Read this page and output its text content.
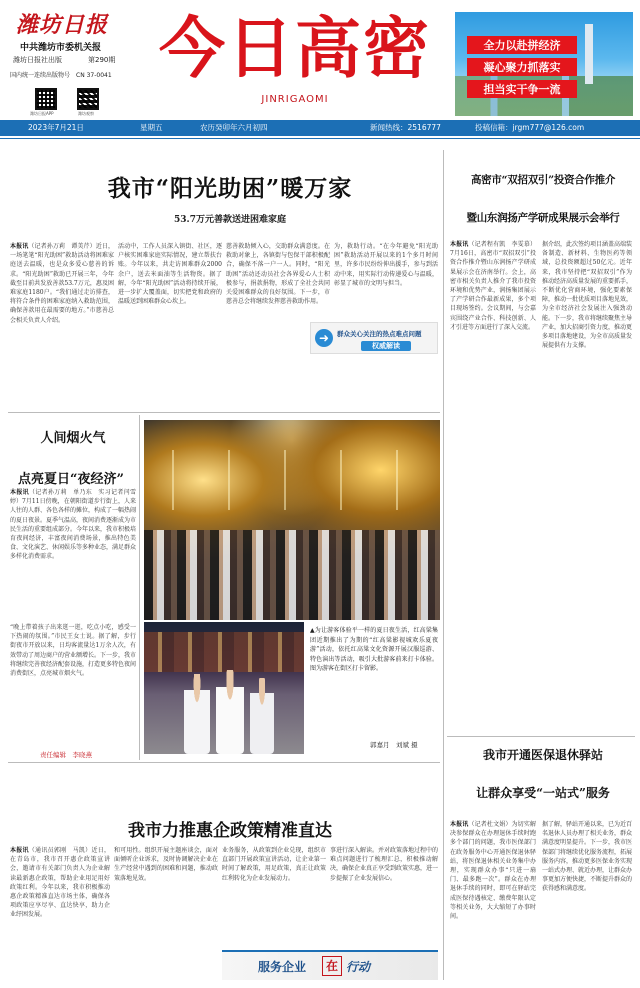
潍坊日报
中共潍坊市委机关报
潍坊日报社出版	第290期
国内统一连续出版物号　CN 37-0041
潍坊日报APP	潍坊观察
今日高密
JINRIGAOMI
全力以赴拼经济
凝心聚力抓落实
担当实干争一流
2023年7月21日	星期五	农历癸卯年六月初四	新闻热线：2516777	投稿信箱：jrgm777@126.com
我市“阳光助困”暖万家
53.7万元善款送进困难家庭

本报讯（记者孙万莉　谭美芹）近日，一场笔笔“阳光助困”救助活动将困难家庭送去温暖，也是众多爱心慈善的诉求。“阳光助困”救助已开展三年，今年截至目前共发放善款53.7万元，惠及困难家庭1180户。“我们通过走访排查，将符合条件的困难家庭纳入救助范围，确保善款用在最需要的地方。”市慈善总会相关负责人介绍。

活动中，工作人员深入镇街、社区，逐户核实困难家庭实际情况，建立帮扶台账。今年以来，共走访困难群众2000余户，送去米面油等生活物资。据了解，今年“阳光助困”活动将持续开展，进一步扩大覆盖面，切实把党和政府的温暖送到困难群众心坎上。

慈善救助倾入心，交助群众满意度。在救助对象上，各镇街与包保干部积极配合，确保不落一户一人。同时，“阳光助困”活动还动员社会各界爱心人士积极参与，捐款捐物，形成了全社会共同关爱困难群众的良好氛围。下一步，市慈善总会将继续发挥慈善救助作用。

为，救助行动。“在今年避免“阳光助困”救助活动开展以来的1个多月时间里，许多市民纷纷伸出援手，参与到活动中来，用实际行动传递爱心与温暖，彰显了城市的文明与担当。

➜	群众关心关注的热点难点问题
权威解读
人间烟火气
点亮夏日“夜经济”

本报讯（记者孙万莉　单乃东　实习记者闫雪婷）7月11日傍晚，在朝阳街道步行街上，人来人往的人群、各色各样的摊位，构成了一幅热闹的夏日夜景。夏季气温高，夜间消费逐渐成为市民生活的重要组成部分。今年以来，我市积极培育夜间经济，丰富夜间消费场景，推出特色美食、文化演艺、休闲娱乐等多种业态，满足群众多样化消费需求。

“晚上带着孩子出来逛一逛，吃点小吃，感受一下热闹的氛围。”市民王女士说。据了解，步行街夜市开放以来，日均客流量达1万余人次，有效带动了周边商户的营业额增长。下一步，我市将继续完善夜经济配套设施，打造更多特色夜间消费街区，点亮城市烟火气。

▲为让游客体验平一样的夏日夜生活，红高粱集团近期推出了为期的“红高粱影视城欢乐夏夜游”活动，依托红高粱文化资源开展汉服巡游、特色演出等活动，吸引大批游客前来打卡体验。图为游客在街区打卡留影。

郭嘉月　刘斌 摄
责任编辑　李晓燕
高密市“双招双引”投资合作推介
暨山东润扬产学研成果展示会举行

本报讯（记者程有凯　李雯慕）7月16日，高密市“双招双引”投资合作推介暨山东润扬产学研成果展示会在济南举行。会上，高密市相关负责人推介了我市投资环境和优势产业，润扬集团展示了产学研合作最新成果，多个项目现场签约。会议期间，与会嘉宾围绕产业合作、科技创新、人才引进等方面进行了深入交流。

据介绍，此次签约项目涵盖高端装备制造、新材料、生物医药等领域，总投资额超过50亿元。近年来，我市坚持把“双招双引”作为推动经济高质量发展的重要抓手，不断优化营商环境，强化要素保障，推动一批优质项目落地见效，为全市经济社会发展注入强劲动能。下一步，我市将继续聚焦主导产业，加大招商引资力度，推动更多项目落地建设，为全市高质量发展提供有力支撑。

我市开通医保退休驿站
让群众享受“一站式”服务

本报讯（记者杜文娟）为切实解决参保群众在办理退休手续时跑多个部门的问题，我市医保部门在政务服务中心开通医保退休驿站，将医保退休相关业务集中办理，实现群众办事“只进一扇门、最多跑一次”。群众在办理退休手续的同时，即可在驿站完成医保待遇核定、缴费年限认定等相关业务，大大缩短了办事时间。

据了解，驿站开通以来，已为近百名退休人员办理了相关业务，群众满意度明显提升。下一步，我市医保部门将继续优化服务流程，拓展服务内容，推动更多医保业务实现一站式办理、就近办理，让群众办事更加方便快捷，不断提升群众的获得感和满意度。

我市力推惠企政策精准直达

本报讯（通讯员郭刚　马凯）近日，在青岛市，我市召开惠企政策宣讲会，邀请市有关部门负责人为企业解读最新惠企政策，帮助企业用足用好政策红利。今年以来，我市积极推动惠企政策精准直达市场主体，确保各项政策应享尽享、直达快享，助力企业纾困发展。

和可用性。组织开展主题座谈会，面对面倾听企业诉求，及时协调解决企业在生产经营中遇到的困难和问题，推动政策落地见效。

业务服务，从政策到企业兑现，组织市直部门开展政策宣讲活动，让企业第一时间了解政策，用足政策，真正让政策红利转化为企业发展动力。

事进行深入解读。并对政策落地过程中的难点问题进行了梳理汇总，积极推动解决，确保企业真正享受到政策实惠，进一步提振了企业发展信心。

服务企业	在 行动
